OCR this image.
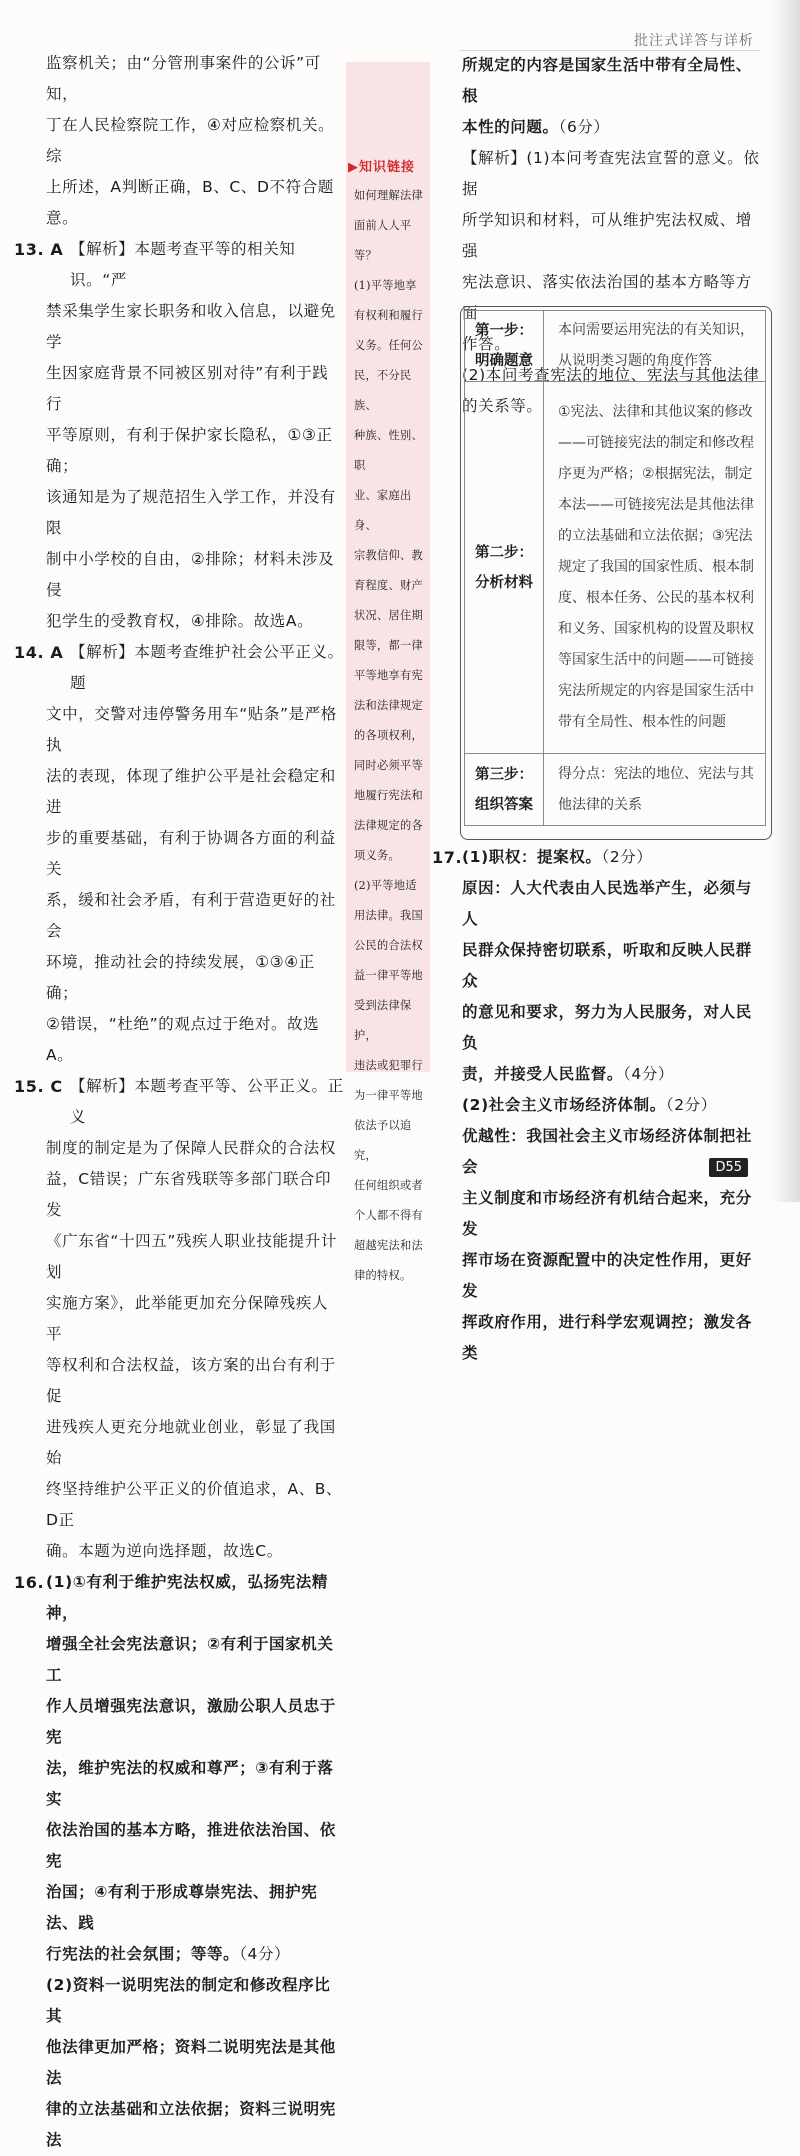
批注式详答与详析

监察机关；由“分管刑事案件的公诉”可知，

丁在人民检察院工作，④对应检察机关。综

上所述，A判断正确，B、C、D不符合题意。

13. A 【解析】本题考查平等的相关知识。“严
禁采集学生家长职务和收入信息，以避免学
生因家庭背景不同被区别对待”有利于践行
平等原则，有利于保护家长隐私，①③正确；
该通知是为了规范招生入学工作，并没有限
制中小学校的自由，②排除；材料未涉及侵
犯学生的受教育权，④排除。故选A。
14. A 【解析】本题考查维护社会公平正义。题
文中，交警对违停警务用车“贴条”是严格执
法的表现，体现了维护公平是社会稳定和进
步的重要基础，有利于协调各方面的利益关
系，缓和社会矛盾，有利于营造更好的社会
环境，推动社会的持续发展，①③④正确；
②错误，“杜绝”的观点过于绝对。故选A。
15. C 【解析】本题考查平等、公平正义。正义
制度的制定是为了保障人民群众的合法权
益，C错误；广东省残联等多部门联合印发
《广东省“十四五”残疾人职业技能提升计划
实施方案》，此举能更加充分保障残疾人平
等权利和合法权益，该方案的出台有利于促
进残疾人更充分地就业创业，彰显了我国始
终坚持维护公平正义的价值追求，A、B、D正
确。本题为逆向选择题，故选C。
16. (1)①有利于维护宪法权威，弘扬宪法精神，
增强全社会宪法意识；②有利于国家机关工
作人员增强宪法意识，激励公职人员忠于宪
法，维护宪法的权威和尊严；③有利于落实
依法治国的基本方略，推进依法治国、依宪
治国；④有利于形成尊崇宪法、拥护宪法、践
行宪法的社会氛围；等等。（4分）
(2)资料一说明宪法的制定和修改程序比其
他法律更加严格；资料二说明宪法是其他法
律的立法基础和立法依据；资料三说明宪法
▶知识链接
如何理解法律
面前人人平等？
(1)平等地享
有权利和履行
义务。任何公
民，不分民族、
种族、性别、职
业、家庭出身、
宗教信仰、教
育程度、财产
状况、居住期
限等，都一律
平等地享有宪
法和法律规定
的各项权利，
同时必须平等
地履行宪法和
法律规定的各
项义务。
(2)平等地适
用法律。我国
公民的合法权
益一律平等地
受到法律保护，
违法或犯罪行
为一律平等地
依法予以追究，
任何组织或者
个人都不得有
超越宪法和法
律的特权。
所规定的内容是国家生活中带有全局性、根
本性的问题。（6分）
【解析】(1)本问考查宪法宣誓的意义。依据
所学知识和材料，可从维护宪法权威、增强
宪法意识、落实依法治国的基本方略等方面
作答。
(2)本问考查宪法的地位、宪法与其他法律
的关系等。
第一步：
明确题意	本问需要运用宪法的有关知识，从说明类习题的角度作答

第二步：
分析材料	①宪法、法律和其他议案的修改——可链接宪法的制定和修改程序更为严格；②根据宪法，制定本法——可链接宪法是其他法律的立法基础和立法依据；③宪法规定了我国的国家性质、根本制度、根本任务、公民的基本权利和义务、国家机构的设置及职权等国家生活中的问题——可链接宪法所规定的内容是国家生活中带有全局性、根本性的问题

第三步：
组织答案	得分点：宪法的地位、宪法与其他法律的关系
17. (1)职权：提案权。（2分）
原因：人大代表由人民选举产生，必须与人
民群众保持密切联系，听取和反映人民群众
的意见和要求，努力为人民服务，对人民负
责，并接受人民监督。（4分）
(2)社会主义市场经济体制。（2分）
优越性：我国社会主义市场经济体制把社会
主义制度和市场经济有机结合起来，充分发
挥市场在资源配置中的决定性作用，更好发
挥政府作用，进行科学宏观调控；激发各类
D55
